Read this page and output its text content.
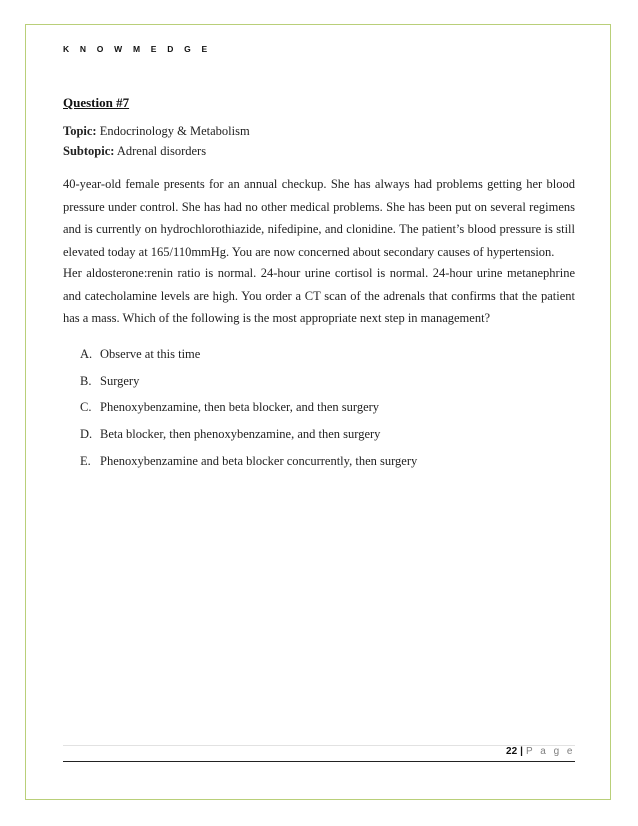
K N O W M E D G E
Question #7
Topic: Endocrinology & Metabolism
Subtopic: Adrenal disorders

40-year-old female presents for an annual checkup. She has always had problems getting her blood pressure under control. She has had no other medical problems. She has been put on several regimens and is currently on hydrochlorothiazide, nifedipine, and clonidine. The patient’s blood pressure is still elevated today at 165/110mmHg. You are now concerned about secondary causes of hypertension.

Her aldosterone:renin ratio is normal. 24-hour urine cortisol is normal. 24-hour urine metanephrine and catecholamine levels are high. You order a CT scan of the adrenals that confirms that the patient has a mass. Which of the following is the most appropriate next step in management?

A. Observe at this time
B. Surgery
C. Phenoxybenzamine, then beta blocker, and then surgery
D. Beta blocker, then phenoxybenzamine, and then surgery
E. Phenoxybenzamine and beta blocker concurrently, then surgery
22 | P a g e
